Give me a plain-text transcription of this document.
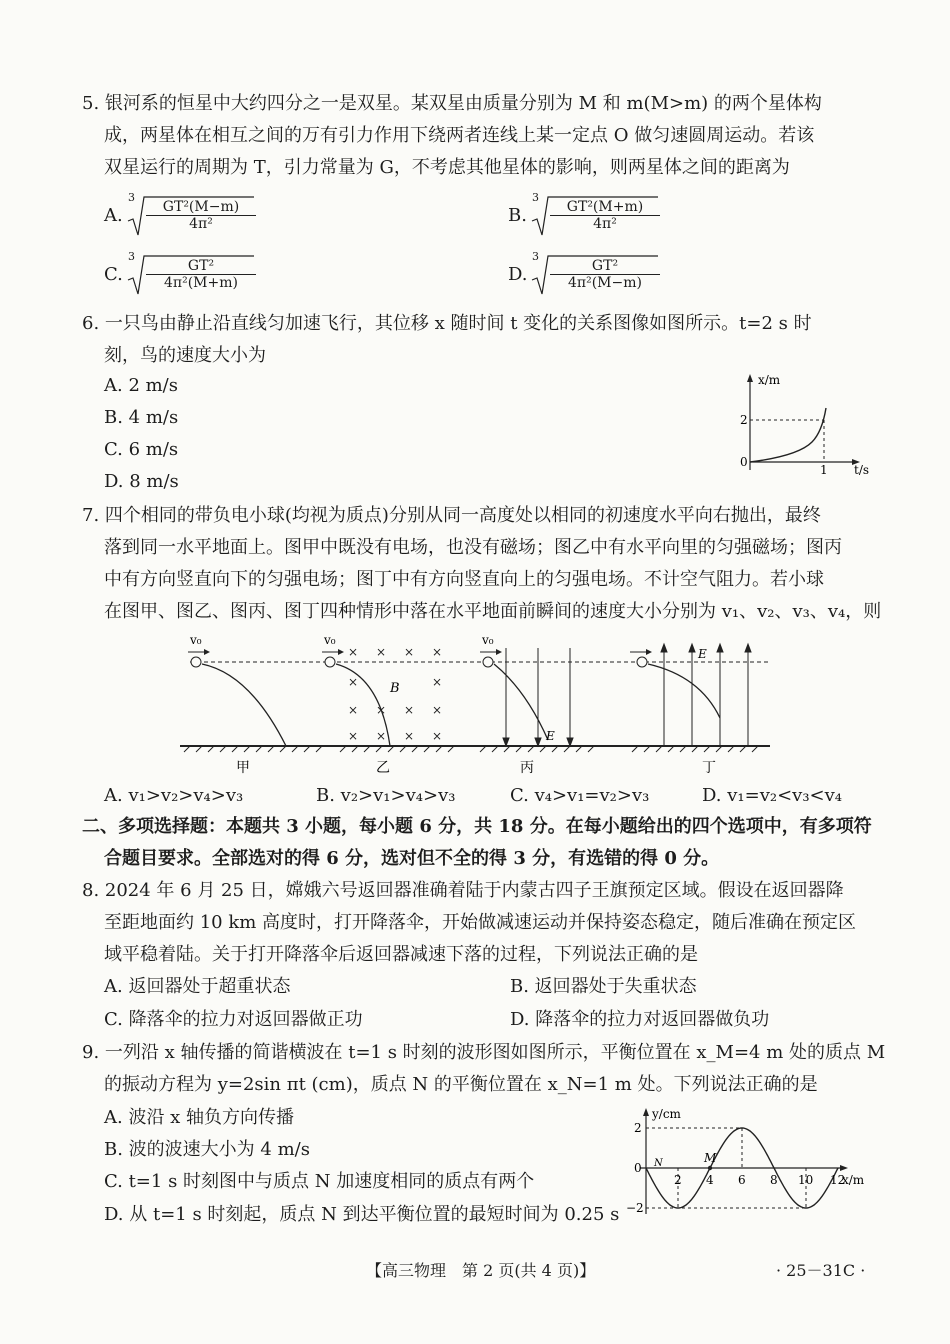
5. 银河系的恒星中大约四分之一是双星。某双星由质量分别为 M 和 m(M>m) 的两个星体构
成，两星体在相互之间的万有引力作用下绕两者连线上某一定点 O 做匀速圆周运动。若该
双星运行的周期为 T，引力常量为 G，不考虑其他星体的影响，则两星体之间的距离为
A.
3
$\frac{\text{GT²(M−m)}}{\text{4π²}}$	B.
3
$\frac{\text{GT²(M+m)}}{\text{4π²}}$
C.
3
$\frac{\text{GT²}}{\text{4π²(M+m)}}$	D.
3
$\frac{\text{GT²}}{\text{4π²(M−m)}}$
6. 一只鸟由静止沿直线匀加速飞行，其位移 x 随时间 t 变化的关系图像如图所示。t=2 s 时
刻，鸟的速度大小为
A. 2 m/s
B. 4 m/s
C. 6 m/s
D. 8 m/s
x/m
t/s
2
0
1
7. 四个相同的带负电小球(均视为质点)分别从同一高度处以相同的初速度水平向右抛出，最终
落到同一水平地面上。图甲中既没有电场，也没有磁场；图乙中有水平向里的匀强磁场；图丙
中有方向竖直向下的匀强电场；图丁中有方向竖直向上的匀强电场。不计空气阻力。若小球
在图甲、图乙、图丙、图丁四种情形中落在水平地面前瞬间的速度大小分别为 v₁、v₂、v₃、v₄，则
v₀
甲
v₀
× × × ×
×	×
× × × ×
× × × ×
B
乙
v₀
E
丙
E
丁
A. v₁>v₂>v₄>v₃	B. v₂>v₁>v₄>v₃	C. v₄>v₁=v₂>v₃	D. v₁=v₂<v₃<v₄
二、多项选择题：本题共 3 小题，每小题 6 分，共 18 分。在每小题给出的四个选项中，有多项符
合题目要求。全部选对的得 6 分，选对但不全的得 3 分，有选错的得 0 分。
8. 2024 年 6 月 25 日，嫦娥六号返回器准确着陆于内蒙古四子王旗预定区域。假设在返回器降
至距地面约 10 km 高度时，打开降落伞，开始做减速运动并保持姿态稳定，随后准确在预定区
域平稳着陆。关于打开降落伞后返回器减速下落的过程，下列说法正确的是
A. 返回器处于超重状态	B. 返回器处于失重状态
C. 降落伞的拉力对返回器做正功	D. 降落伞的拉力对返回器做负功
9. 一列沿 x 轴传播的简谐横波在 t=1 s 时刻的波形图如图所示，平衡位置在 x_M=4 m 处的质点 M
的振动方程为 y=2sin πt (cm)，质点 N 的平衡位置在 x_N=1 m 处。下列说法正确的是
A. 波沿 x 轴负方向传播
B. 波的波速大小为 4 m/s
C. t=1 s 时刻图中与质点 N 加速度相同的质点有两个
D. 从 t=1 s 时刻起，质点 N 到达平衡位置的最短时间为 0.25 s
M
N
y/cm
x/m
2
0
−2
2 4 6 8 10 12
【高三物理　第 2 页(共 4 页)】	· 25－31C ·
